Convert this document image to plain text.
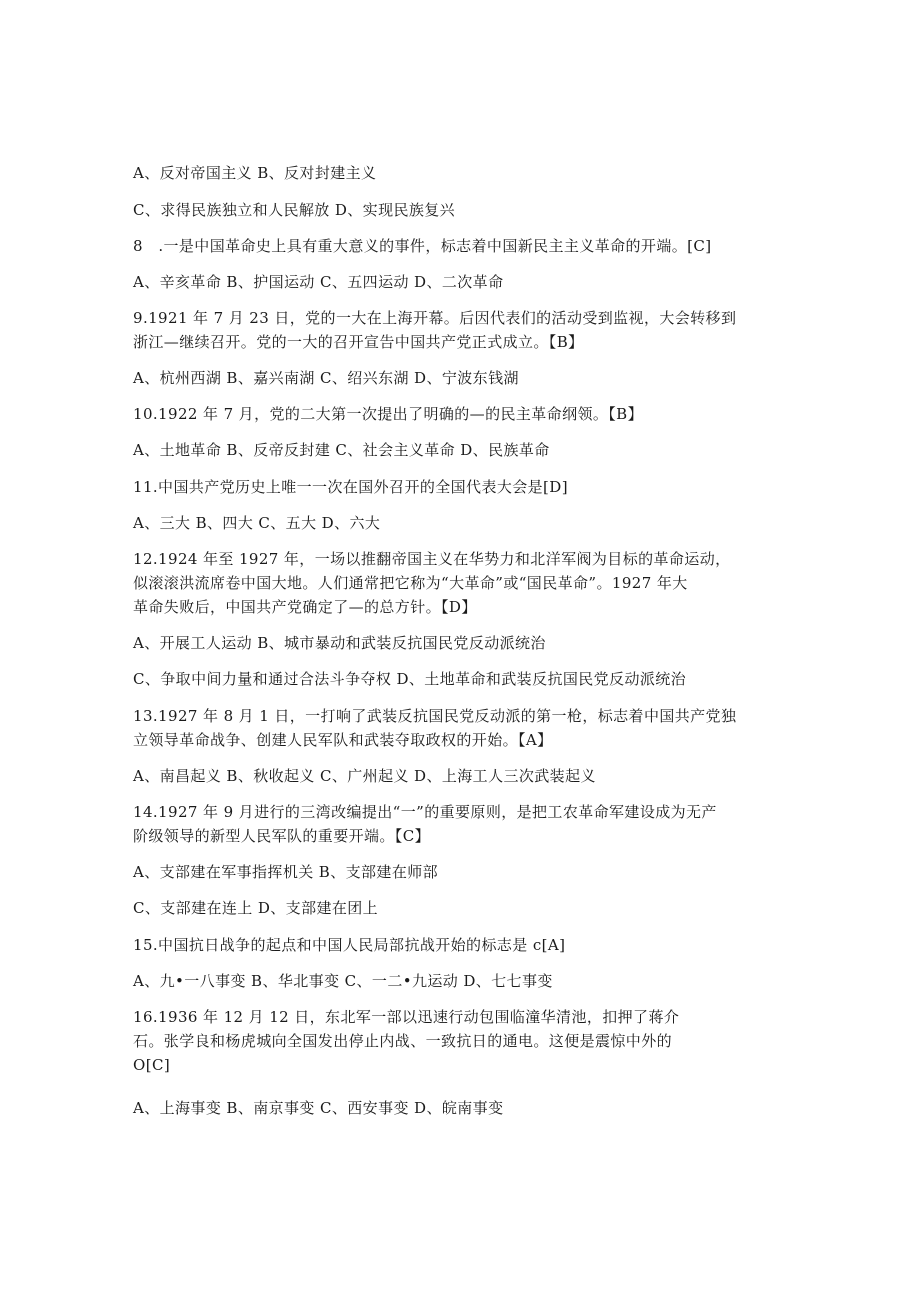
A、反对帝国主义 B、反对封建主义

C、求得民族独立和人民解放 D、实现民族复兴

8　.一是中国革命史上具有重大意义的事件，标志着中国新民主主义革命的开端。[C]

A、辛亥革命 B、护国运动 C、五四运动 D、二次革命

9.1921 年 7 月 23 日，党的一大在上海开幕。后因代表们的活动受到监视，大会转移到

浙江—继续召开。党的一大的召开宣告中国共产党正式成立。【B】

A、杭州西湖 B、嘉兴南湖 C、绍兴东湖 D、宁波东钱湖

10.1922 年 7 月，党的二大第一次提出了明确的—的民主革命纲领。【B】

A、土地革命 B、反帝反封建 C、社会主义革命 D、民族革命

11.中国共产党历史上唯一一次在国外召开的全国代表大会是[D]

A、三大 B、四大 C、五大 D、六大

12.1924 年至 1927 年，一场以推翻帝国主义在华势力和北洋军阀为目标的革命运动，

似滚滚洪流席卷中国大地。人们通常把它称为“大革命”或“国民革命”。1927 年大

革命失败后，中国共产党确定了—的总方针。【D】

A、开展工人运动 B、城市暴动和武装反抗国民党反动派统治

C、争取中间力量和通过合法斗争夺权 D、土地革命和武装反抗国民党反动派统治

13.1927 年 8 月 1 日，一打响了武装反抗国民党反动派的第一枪，标志着中国共产党独

立领导革命战争、创建人民军队和武装夺取政权的开始。【A】

A、南昌起义 B、秋收起义 C、广州起义 D、上海工人三次武装起义

14.1927 年 9 月进行的三湾改编提出“一”的重要原则，是把工农革命军建设成为无产

阶级领导的新型人民军队的重要开端。【C】

A、支部建在军事指挥机关 B、支部建在师部

C、支部建在连上 D、支部建在团上

15.中国抗日战争的起点和中国人民局部抗战开始的标志是 c[A]

A、九•一八事变 B、华北事变 C、一二•九运动 D、七七事变

16.1936 年 12 月 12 日，东北军一部以迅速行动包围临潼华清池，扣押了蒋介

石。张学良和杨虎城向全国发出停止内战、一致抗日的通电。这便是震惊中外的

O[C]

A、上海事变 B、南京事变 C、西安事变 D、皖南事变
